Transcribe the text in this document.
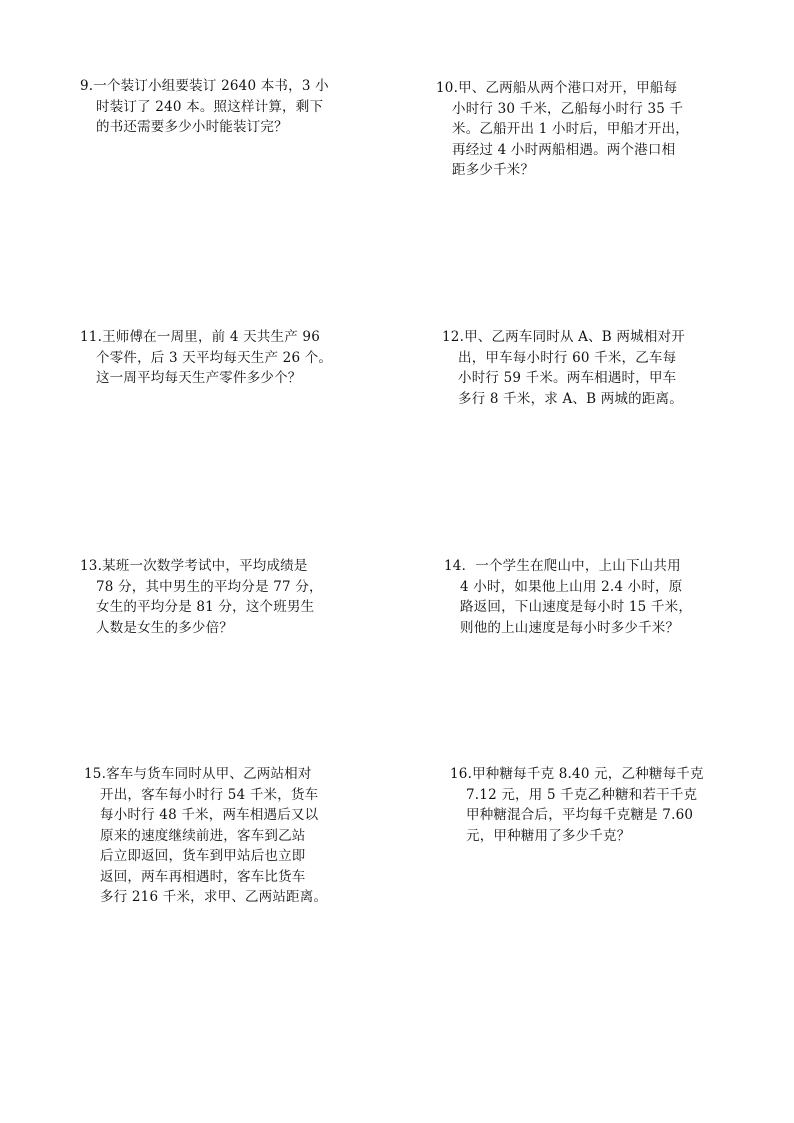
9.一个装订小组要装订 2640 本书，3 小
时装订了 240 本。照这样计算，剩下
的书还需要多少小时能装订完？
10.甲、乙两船从两个港口对开，甲船每
小时行 30 千米，乙船每小时行 35 千
米。乙船开出 1 小时后，甲船才开出，
再经过 4 小时两船相遇。两个港口相
距多少千米？
11.王师傅在一周里，前 4 天共生产 96
个零件，后 3 天平均每天生产 26 个。
这一周平均每天生产零件多少个？
12.甲、乙两车同时从 A、B 两城相对开
出，甲车每小时行 60 千米，乙车每
小时行 59 千米。两车相遇时，甲车
多行 8 千米，求 A、B 两城的距离。
13.某班一次数学考试中，平均成绩是
78 分，其中男生的平均分是 77 分，
女生的平均分是 81 分，这个班男生
人数是女生的多少倍？
14．一个学生在爬山中，上山下山共用
4 小时，如果他上山用 2.4 小时，原
路返回，下山速度是每小时 15 千米，
则他的上山速度是每小时多少千米？
15.客车与货车同时从甲、乙两站相对
开出，客车每小时行 54 千米，货车
每小时行 48 千米，两车相遇后又以
原来的速度继续前进，客车到乙站
后立即返回，货车到甲站后也立即
返回，两车再相遇时，客车比货车
多行 216 千米，求甲、乙两站距离。
16.甲种糖每千克 8.40 元，乙种糖每千克
7.12 元，用 5 千克乙种糖和若干千克
甲种糖混合后，平均每千克糖是 7.60
元，甲种糖用了多少千克？
